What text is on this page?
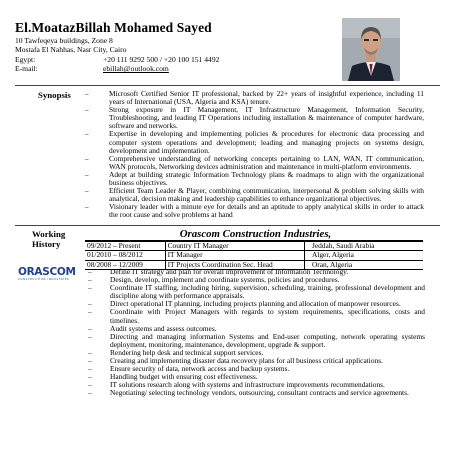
El.MoatazBillah Mohamed Sayed
10 Tawfeqeya buildings, Zone 8
Mostafa El Nahhas, Nasr City, Cairo
Egypt:	+20 111 9292 500 / +20 100 151 4492
E-mail:	ebillah@outlook.com
Synopsis –	Microsoft Certified Senior IT professional, backed by 22+ years of insightful experience, including 11 years of International (USA, Algeria and KSA) tenure.
–	Strong exposure in IT Management, IT Infrastructure Management, Information Security, Troubleshooting, and leading IT Operations including installation & maintenance of computer hardware, software and networks.
–	Expertise in developing and implementing policies & procedures for electronic data processing and computer system operations and development; leading and managing projects on systems design, development and implementation.
–	Comprehensive understanding of networking concepts pertaining to LAN, WAN, IT communication, WAN protocols, Networking devices administration and maintenance in multi-platform environments.
–	Adept at building strategic Information Technology plans & roadmaps to align with the organizational business objectives.
–	Efficient Team Leader & Player, combining communication, interpersonal & problem solving skills with analytical, decision making and leadership capabilities to enhance organizational objectives.
–	Visionary leader with a minute eye for details and an aptitude to apply analytical skills in order to attack the root cause and solve problems at hand
Working
History
Orascom Construction Industries,
09/2012 – Present	Country IT Manager	Jeddah, Saudi Arabia
01/2010 – 08/2012	IT Manager	Alger, Algeria
08/2008 – 12/2009	IT Projects Coordination Sec. Head	Oran, Algeria
ORASCOM
CONSTRUCTION INDUSTRIES
– Define IT strategy and plan for overall improvement of Information Technology.
– Design, develop, implement and coordinate systems, policies and procedures.
– Coordinate IT staffing, including hiring, supervision, scheduling, training, professional development and discipline along with performance appraisals.
– Direct operational IT planning, including projects planning and allocation of manpower resources.
– Coordinate with Project Managers with regards to system requirements, specifications, costs and timelines.
– Audit systems and assess outcomes.
– Directing and managing information Systems and End-user computing, network operating systems deployment, monitoring, maintenance, development, upgrade & support.
– Rendering help desk and technical support services.
– Creating and implementing disaster data recovery plans for all business critical applications.
– Ensure security of data, network access and backup systems.
– Handling budget with ensuring cost effectiveness.
– IT solutions research along with systems and infrastructure improvements recommendations.
– Negotiating/ selecting technology vendors, outsourcing, consultant contracts and service agreements.
